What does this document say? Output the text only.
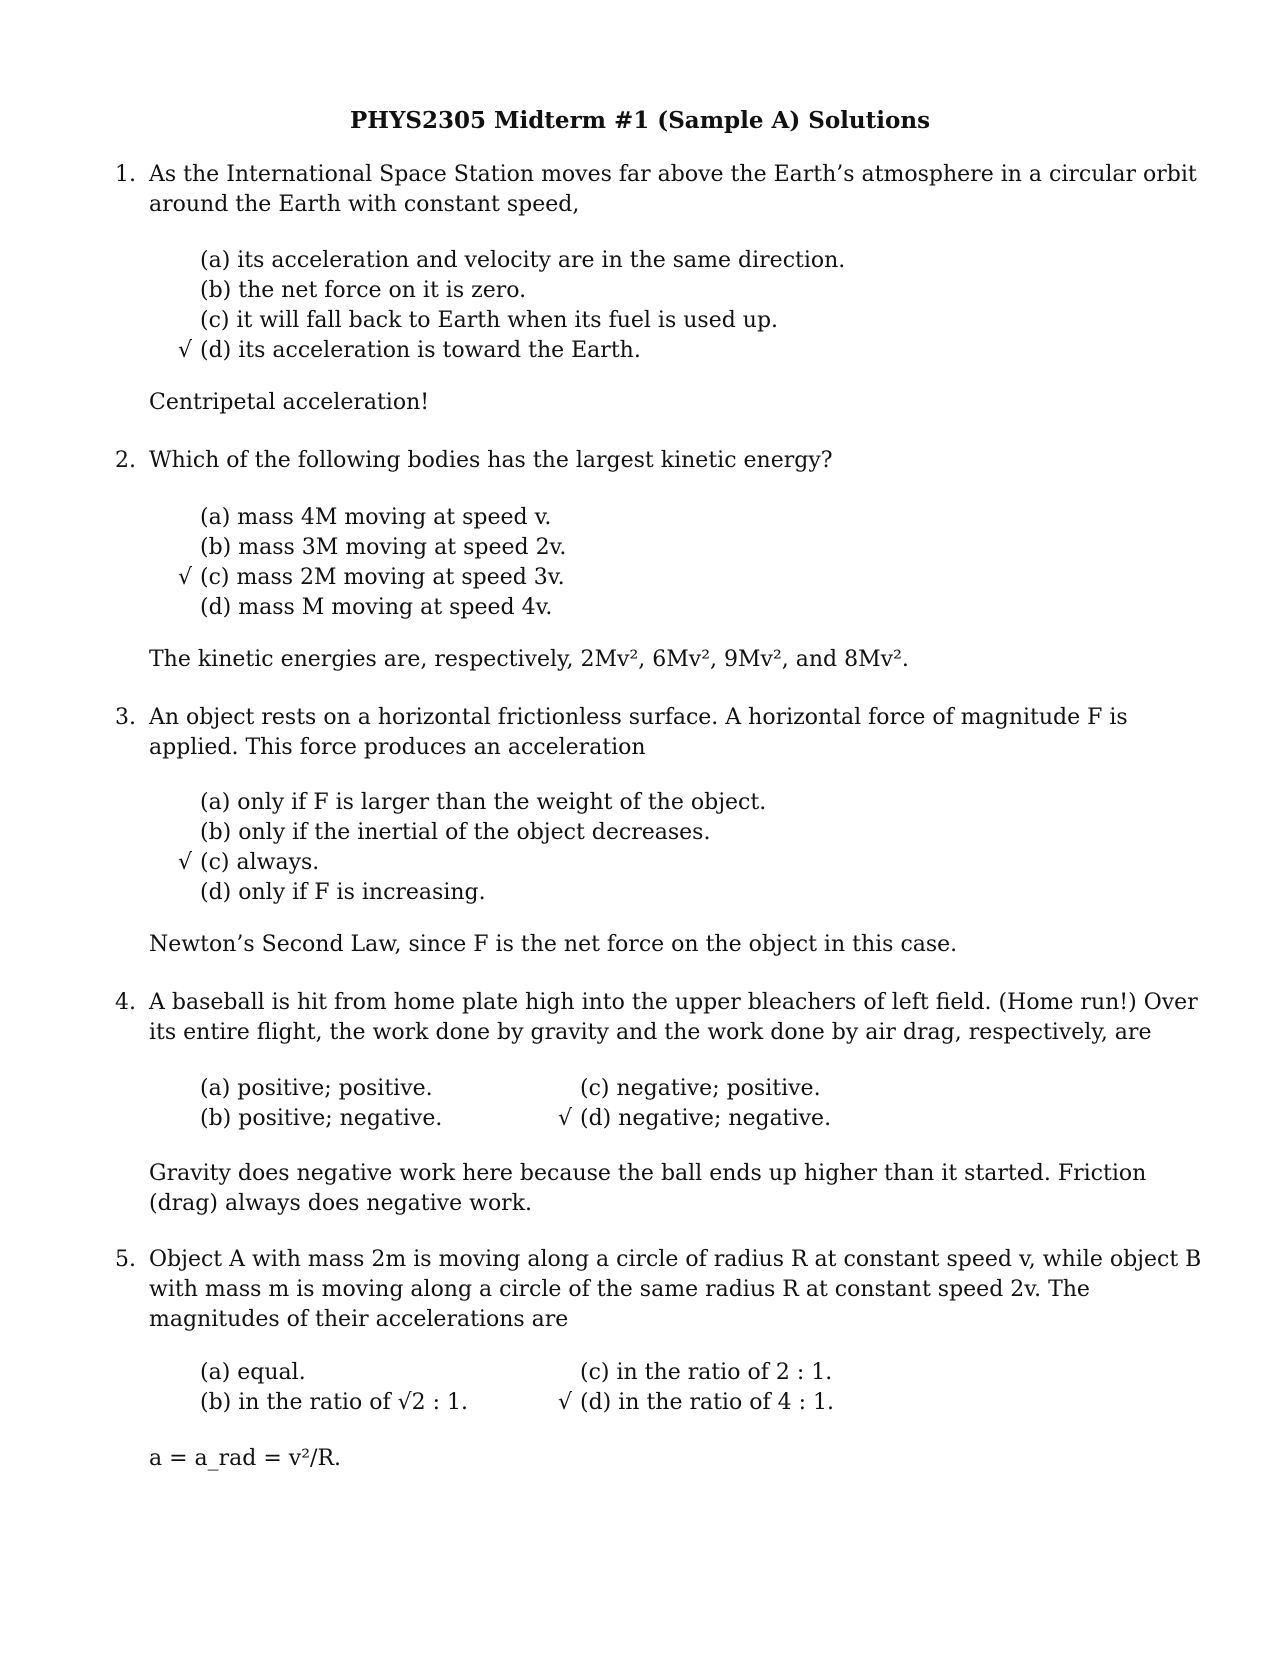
PHYS2305 Midterm #1 (Sample A) Solutions
1. As the International Space Station moves far above the Earth’s atmosphere in a circular orbit around the Earth with constant speed,
(a) its acceleration and velocity are in the same direction.
(b) the net force on it is zero.
(c) it will fall back to Earth when its fuel is used up.
√ (d) its acceleration is toward the Earth.
Centripetal acceleration!
2. Which of the following bodies has the largest kinetic energy?
(a) mass 4M moving at speed v.
(b) mass 3M moving at speed 2v.
√ (c) mass 2M moving at speed 3v.
(d) mass M moving at speed 4v.
The kinetic energies are, respectively, 2Mv², 6Mv², 9Mv², and 8Mv².
3. An object rests on a horizontal frictionless surface. A horizontal force of magnitude F is applied. This force produces an acceleration
(a) only if F is larger than the weight of the object.
(b) only if the inertial of the object decreases.
√ (c) always.
(d) only if F is increasing.
Newton’s Second Law, since F is the net force on the object in this case.
4. A baseball is hit from home plate high into the upper bleachers of left field. (Home run!) Over its entire flight, the work done by gravity and the work done by air drag, respectively, are
(a) positive; positive.	(c) negative; positive.
(b) positive; negative.	√ (d) negative; negative.
Gravity does negative work here because the ball ends up higher than it started. Friction (drag) always does negative work.
5. Object A with mass 2m is moving along a circle of radius R at constant speed v, while object B with mass m is moving along a circle of the same radius R at constant speed 2v. The magnitudes of their accelerations are
(a) equal.	(c) in the ratio of 2 : 1.
(b) in the ratio of √2 : 1.	√ (d) in the ratio of 4 : 1.
a = a_rad = v²/R.
